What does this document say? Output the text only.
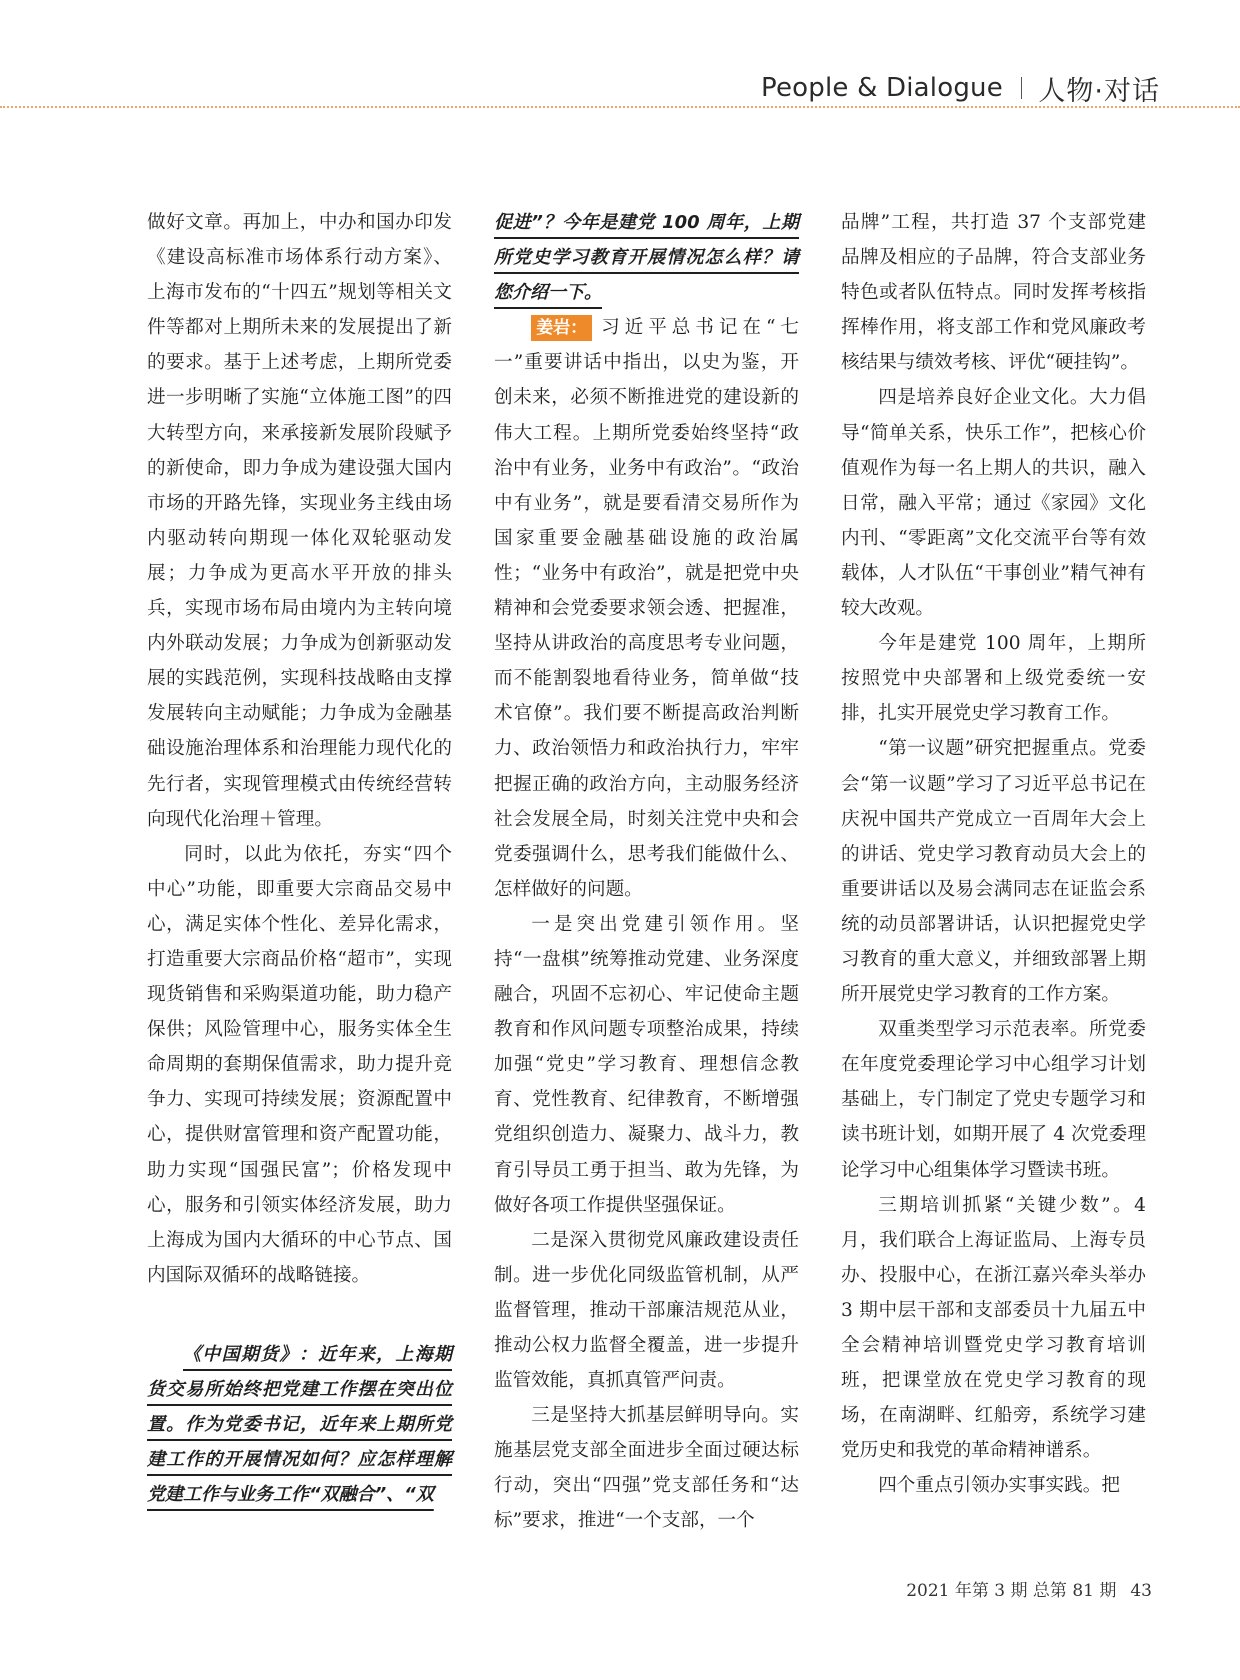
People & Dialogue 人物·对话

做好文章。再加上，中办和国办印发《建设高标准市场体系行动方案》、上海市发布的“十四五”规划等相关文件等都对上期所未来的发展提出了新的要求。基于上述考虑，上期所党委进一步明晰了实施“立体施工图”的四大转型方向，来承接新发展阶段赋予的新使命，即力争成为建设强大国内市场的开路先锋，实现业务主线由场内驱动转向期现一体化双轮驱动发展；力争成为更高水平开放的排头兵，实现市场布局由境内为主转向境内外联动发展；力争成为创新驱动发展的实践范例，实现科技战略由支撑发展转向主动赋能；力争成为金融基础设施治理体系和治理能力现代化的先行者，实现管理模式由传统经营转向现代化治理＋管理。

同时，以此为依托，夯实“四个中心”功能，即重要大宗商品交易中心，满足实体个性化、差异化需求，打造重要大宗商品价格“超市”，实现现货销售和采购渠道功能，助力稳产保供；风险管理中心，服务实体全生命周期的套期保值需求，助力提升竞争力、实现可持续发展；资源配置中心，提供财富管理和资产配置功能，助力实现“国强民富”；价格发现中心，服务和引领实体经济发展，助力上海成为国内大循环的中心节点、国内国际双循环的战略链接。

《中国期货》：近年来，上海期货交易所始终把党建工作摆在突出位置。作为党委书记，近年来上期所党建工作的开展情况如何？应怎样理解党建工作与业务工作“双融合”、“双

促进”？今年是建党 100 周年，上期所党史学习教育开展情况怎么样？请您介绍一下。

姜岩： 习近平总书记在“七一”重要讲话中指出，以史为鉴，开创未来，必须不断推进党的建设新的伟大工程。上期所党委始终坚持“政治中有业务，业务中有政治”。“政治中有业务”，就是要看清交易所作为国家重要金融基础设施的政治属性；“业务中有政治”，就是把党中央精神和会党委要求领会透、把握准，坚持从讲政治的高度思考专业问题，而不能割裂地看待业务，简单做“技术官僚”。我们要不断提高政治判断力、政治领悟力和政治执行力，牢牢把握正确的政治方向，主动服务经济社会发展全局，时刻关注党中央和会党委强调什么，思考我们能做什么、怎样做好的问题。

一是突出党建引领作用。坚持“一盘棋”统筹推动党建、业务深度融合，巩固不忘初心、牢记使命主题教育和作风问题专项整治成果，持续加强“党史”学习教育、理想信念教育、党性教育、纪律教育，不断增强党组织创造力、凝聚力、战斗力，教育引导员工勇于担当、敢为先锋，为做好各项工作提供坚强保证。

二是深入贯彻党风廉政建设责任制。进一步优化同级监管机制，从严监督管理，推动干部廉洁规范从业，推动公权力监督全覆盖，进一步提升监管效能，真抓真管严问责。

三是坚持大抓基层鲜明导向。实施基层党支部全面进步全面过硬达标行动，突出“四强”党支部任务和“达标”要求，推进“一个支部，一个

品牌”工程，共打造 37 个支部党建品牌及相应的子品牌，符合支部业务特色或者队伍特点。同时发挥考核指挥棒作用，将支部工作和党风廉政考核结果与绩效考核、评优“硬挂钩”。

四是培养良好企业文化。大力倡导“简单关系，快乐工作”，把核心价值观作为每一名上期人的共识，融入日常，融入平常；通过《家园》文化内刊、“零距离”文化交流平台等有效载体，人才队伍“干事创业”精气神有较大改观。

今年是建党 100 周年，上期所按照党中央部署和上级党委统一安排，扎实开展党史学习教育工作。

“第一议题”研究把握重点。党委会“第一议题”学习了习近平总书记在庆祝中国共产党成立一百周年大会上的讲话、党史学习教育动员大会上的重要讲话以及易会满同志在证监会系统的动员部署讲话，认识把握党史学习教育的重大意义，并细致部署上期所开展党史学习教育的工作方案。

双重类型学习示范表率。所党委在年度党委理论学习中心组学习计划基础上，专门制定了党史专题学习和读书班计划，如期开展了 4 次党委理论学习中心组集体学习暨读书班。

三期培训抓紧“关键少数”。4月，我们联合上海证监局、上海专员办、投服中心，在浙江嘉兴牵头举办 3 期中层干部和支部委员十九届五中全会精神培训暨党史学习教育培训班，把课堂放在党史学习教育的现场，在南湖畔、红船旁，系统学习建党历史和我党的革命精神谱系。

四个重点引领办实事实践。把

2021 年第 3 期 总第 81 期 43
